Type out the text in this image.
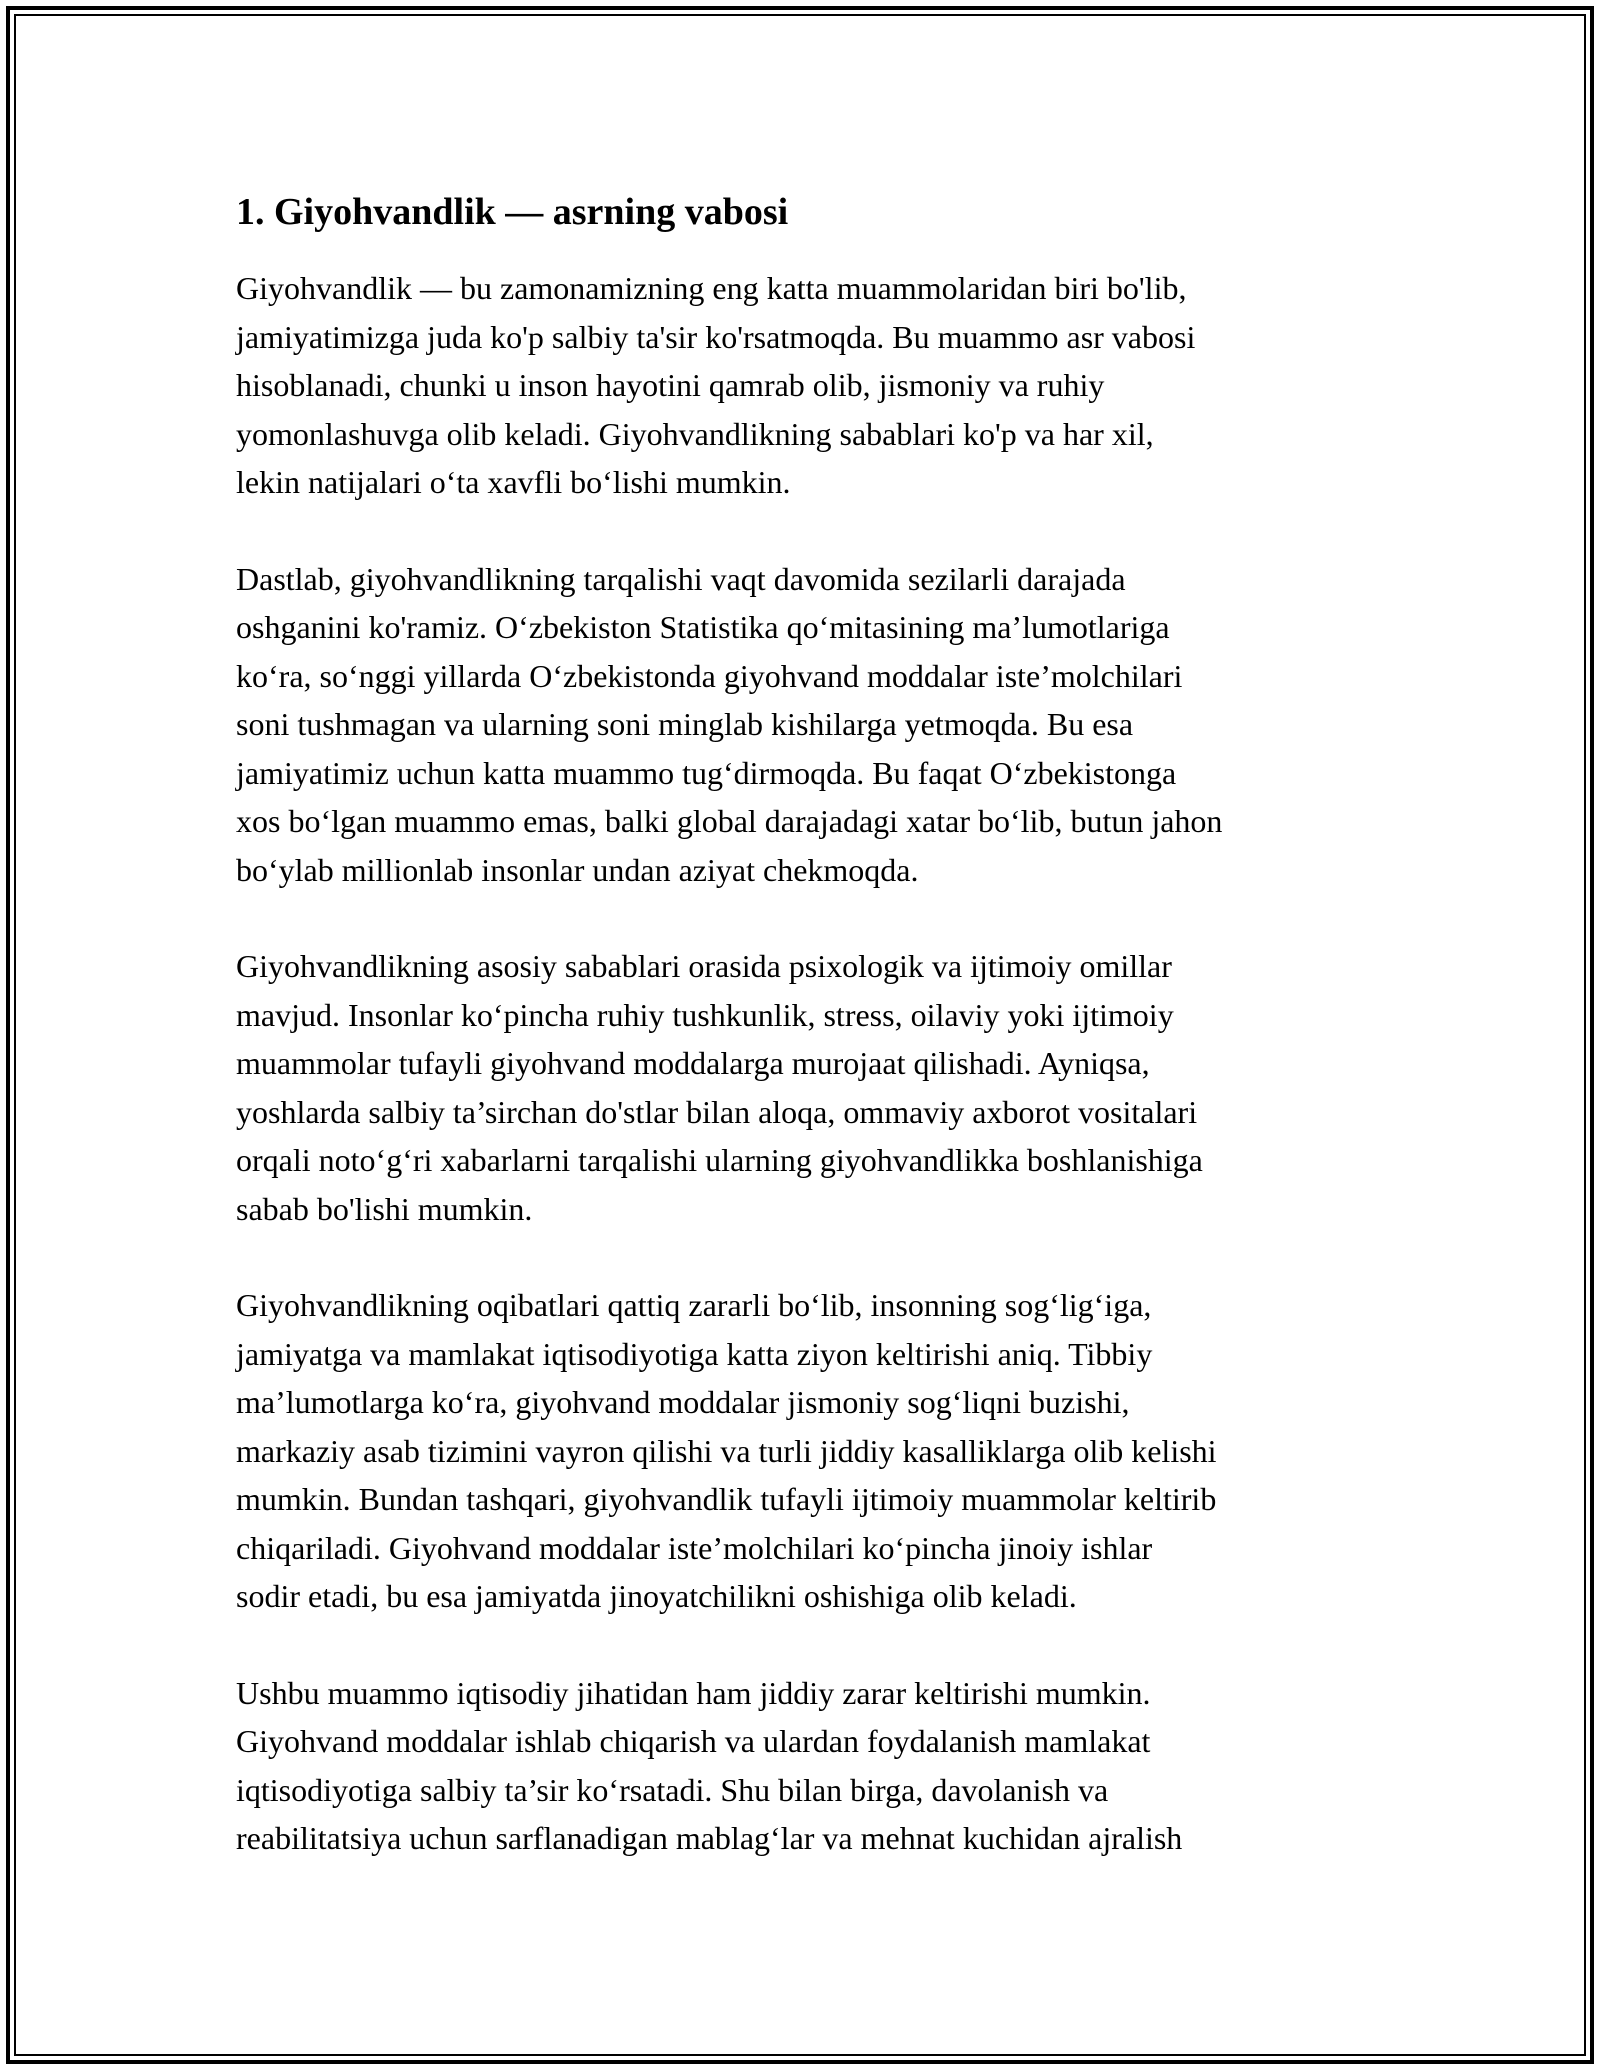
1. Giyohvandlik — asrning vabosi

Giyohvandlik — bu zamonamizning eng katta muammolaridan biri bo'lib,
jamiyatimizga juda ko'p salbiy ta'sir ko'rsatmoqda. Bu muammo asr vabosi
hisoblanadi, chunki u inson hayotini qamrab olib, jismoniy va ruhiy
yomonlashuvga olib keladi. Giyohvandlikning sabablari ko'p va har xil,
lekin natijalari o‘ta xavfli bo‘lishi mumkin.

Dastlab, giyohvandlikning tarqalishi vaqt davomida sezilarli darajada
oshganini ko'ramiz. O‘zbekiston Statistika qo‘mitasining ma’lumotlariga
ko‘ra, so‘nggi yillarda O‘zbekistonda giyohvand moddalar iste’molchilari
soni tushmagan va ularning soni minglab kishilarga yetmoqda. Bu esa
jamiyatimiz uchun katta muammo tug‘dirmoqda. Bu faqat O‘zbekistonga
xos bo‘lgan muammo emas, balki global darajadagi xatar bo‘lib, butun jahon
bo‘ylab millionlab insonlar undan aziyat chekmoqda.

Giyohvandlikning asosiy sabablari orasida psixologik va ijtimoiy omillar
mavjud. Insonlar ko‘pincha ruhiy tushkunlik, stress, oilaviy yoki ijtimoiy
muammolar tufayli giyohvand moddalarga murojaat qilishadi. Ayniqsa,
yoshlarda salbiy ta’sirchan do'stlar bilan aloqa, ommaviy axborot vositalari
orqali noto‘g‘ri xabarlarni tarqalishi ularning giyohvandlikka boshlanishiga
sabab bo'lishi mumkin.

Giyohvandlikning oqibatlari qattiq zararli bo‘lib, insonning sog‘lig‘iga,
jamiyatga va mamlakat iqtisodiyotiga katta ziyon keltirishi aniq. Tibbiy
ma’lumotlarga ko‘ra, giyohvand moddalar jismoniy sog‘liqni buzishi,
markaziy asab tizimini vayron qilishi va turli jiddiy kasalliklarga olib kelishi
mumkin. Bundan tashqari, giyohvandlik tufayli ijtimoiy muammolar keltirib
chiqariladi. Giyohvand moddalar iste’molchilari ko‘pincha jinoiy ishlar
sodir etadi, bu esa jamiyatda jinoyatchilikni oshishiga olib keladi.

Ushbu muammo iqtisodiy jihatidan ham jiddiy zarar keltirishi mumkin.
Giyohvand moddalar ishlab chiqarish va ulardan foydalanish mamlakat
iqtisodiyotiga salbiy ta’sir ko‘rsatadi. Shu bilan birga, davolanish va
reabilitatsiya uchun sarflanadigan mablag‘lar va mehnat kuchidan ajralish
